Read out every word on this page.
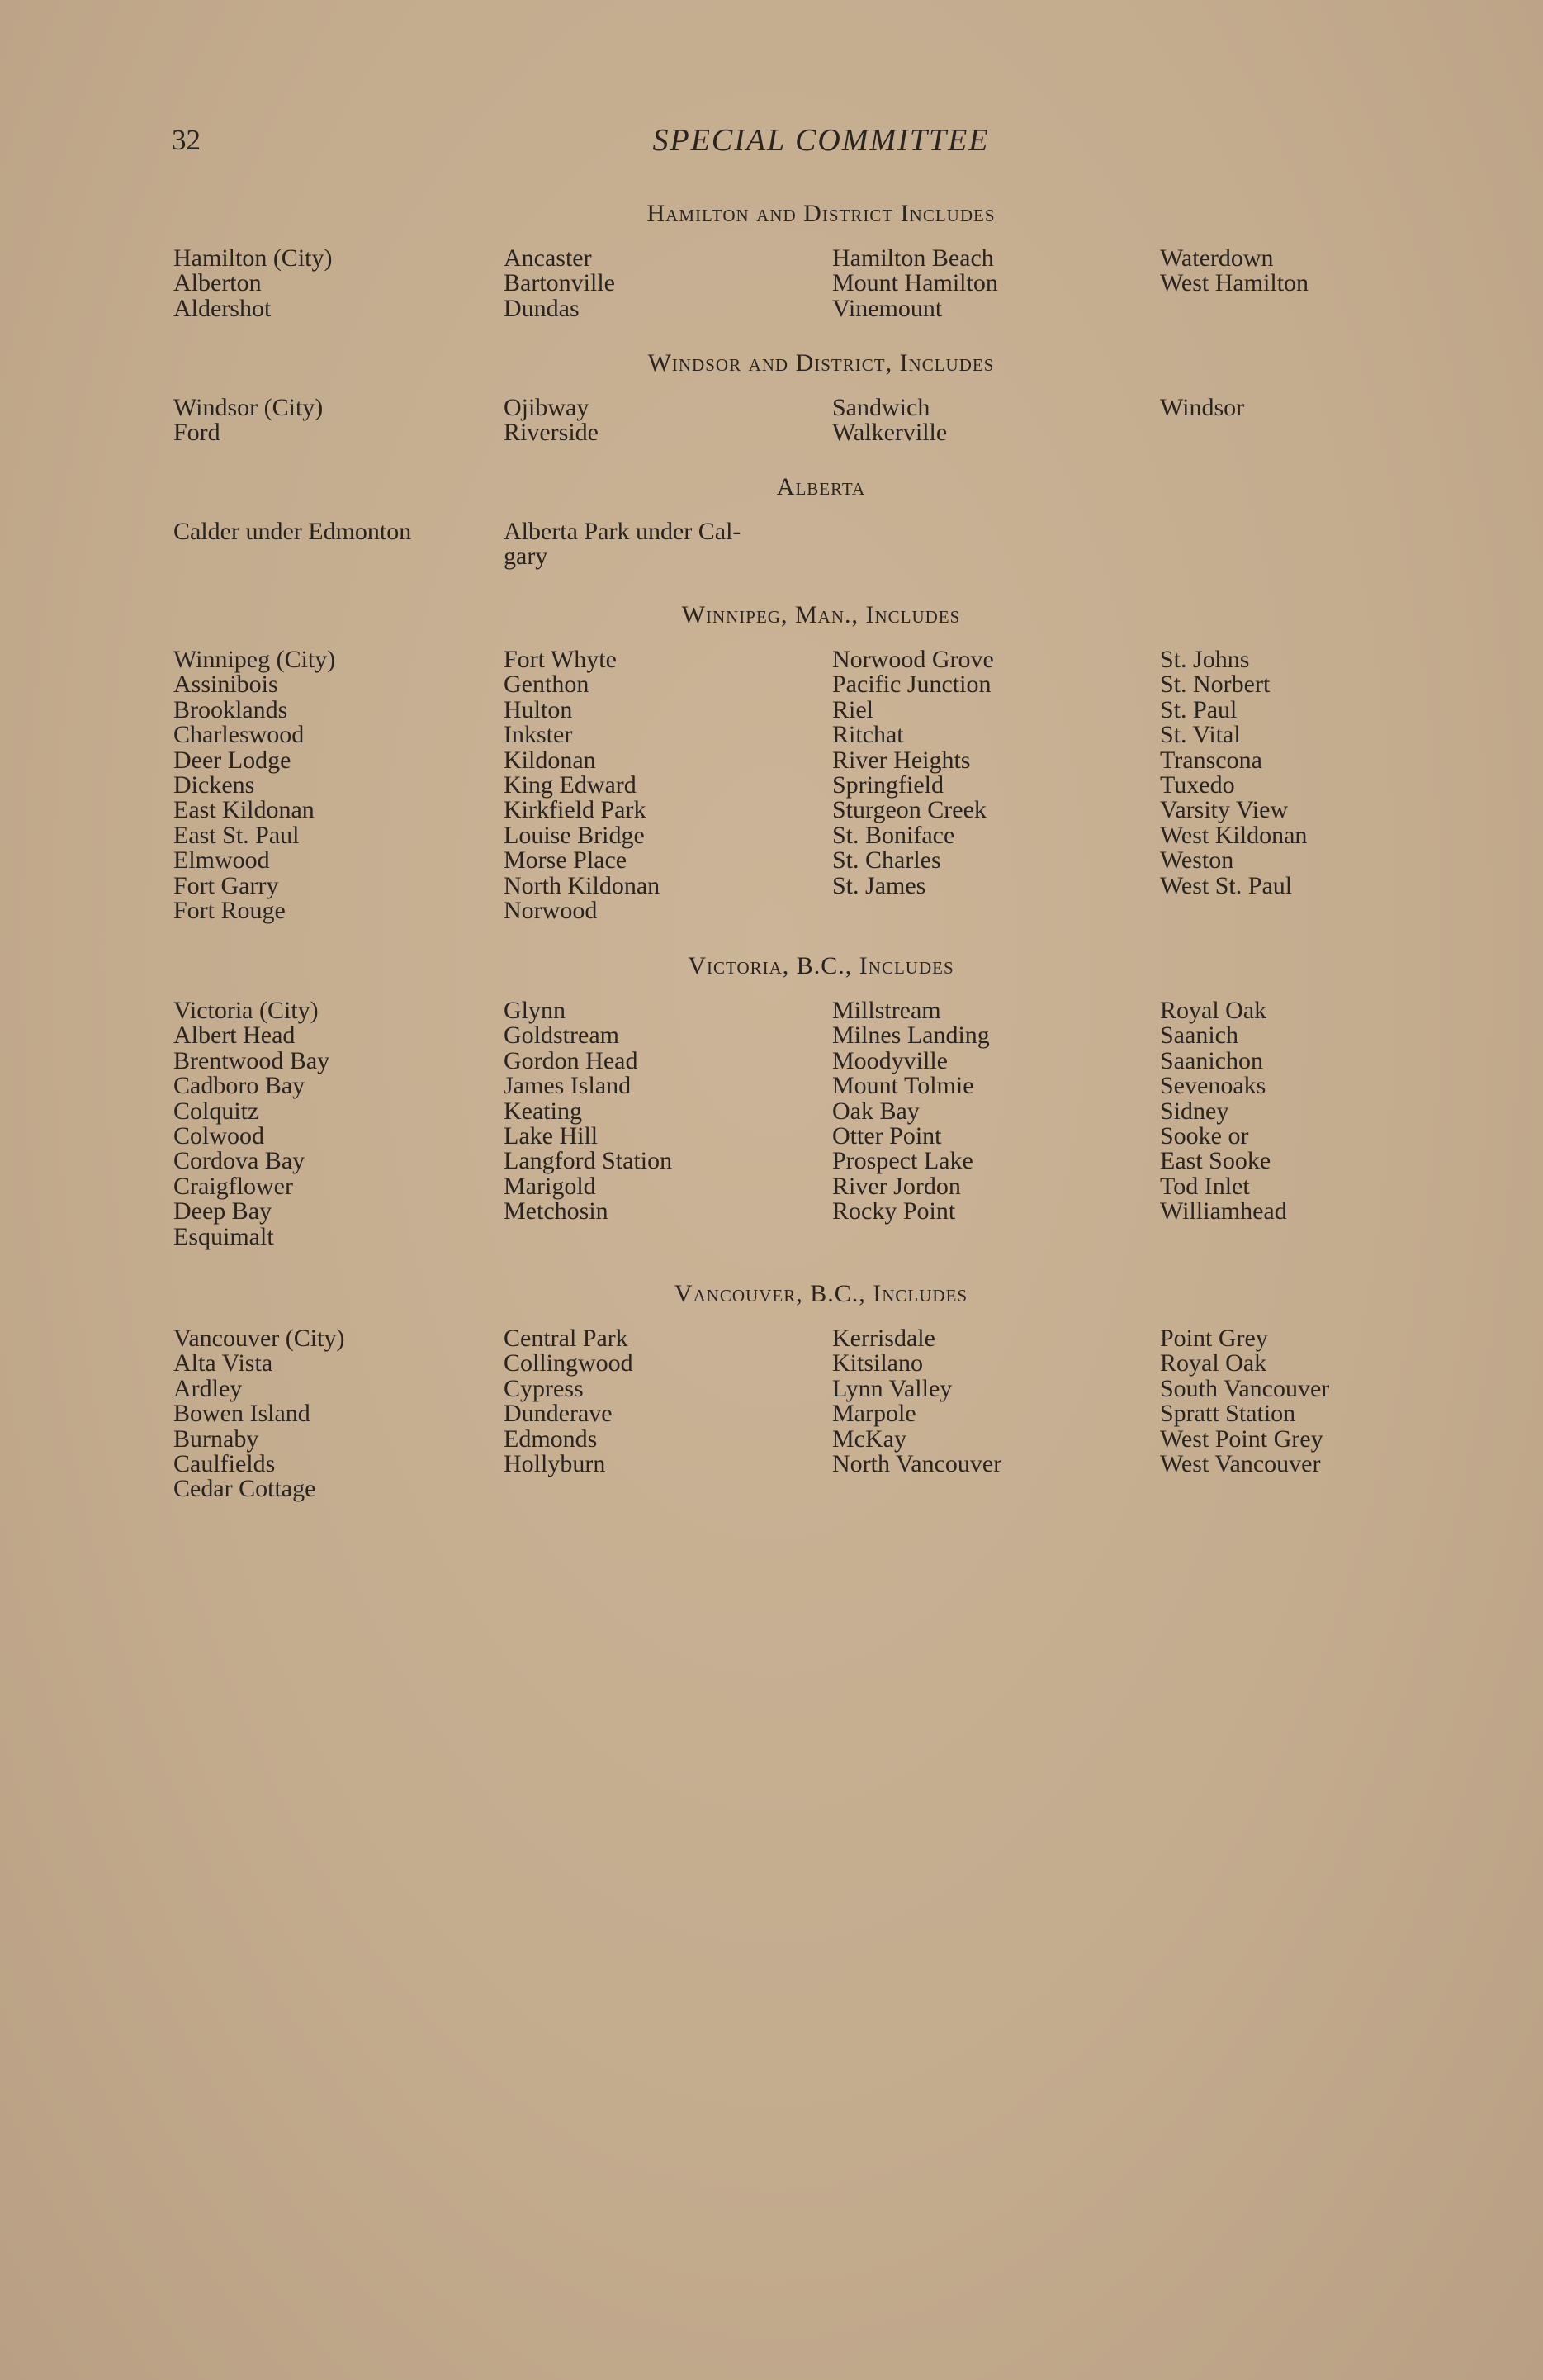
32	SPECIAL COMMITTEE
Hamilton and District Includes
Hamilton (City)
Alberton
Aldershot
Ancaster
Bartonville
Dundas
Hamilton Beach
Mount Hamilton
Vinemount
Waterdown
West Hamilton
Windsor and District, Includes
Windsor (City)
Ford
Ojibway
Riverside
Sandwich
Walkerville
Windsor
Alberta
Calder under Edmonton	Alberta Park under Cal-
gary
Winnipeg, Man., Includes
Winnipeg (City)
Assinibois
Brooklands
Charleswood
Deer Lodge
Dickens
East Kildonan
East St. Paul
Elmwood
Fort Garry
Fort Rouge
Fort Whyte
Genthon
Hulton
Inkster
Kildonan
King Edward
Kirkfield Park
Louise Bridge
Morse Place
North Kildonan
Norwood
Norwood Grove
Pacific Junction
Riel
Ritchat
River Heights
Springfield
Sturgeon Creek
St. Boniface
St. Charles
St. James
St. Johns
St. Norbert
St. Paul
St. Vital
Transcona
Tuxedo
Varsity View
West Kildonan
Weston
West St. Paul
Victoria, B.C., Includes
Victoria (City)
Albert Head
Brentwood Bay
Cadboro Bay
Colquitz
Colwood
Cordova Bay
Craigflower
Deep Bay
Esquimalt
Glynn
Goldstream
Gordon Head
James Island
Keating
Lake Hill
Langford Station
Marigold
Metchosin
Millstream
Milnes Landing
Moodyville
Mount Tolmie
Oak Bay
Otter Point
Prospect Lake
River Jordon
Rocky Point
Royal Oak
Saanich
Saanichon
Sevenoaks
Sidney
Sooke or
East Sooke
Tod Inlet
Williamhead
Vancouver, B.C., Includes
Vancouver (City)
Alta Vista
Ardley
Bowen Island
Burnaby
Caulfields
Cedar Cottage
Central Park
Collingwood
Cypress
Dunderave
Edmonds
Hollyburn
Kerrisdale
Kitsilano
Lynn Valley
Marpole
McKay
North Vancouver
Point Grey
Royal Oak
South Vancouver
Spratt Station
West Point Grey
West Vancouver
